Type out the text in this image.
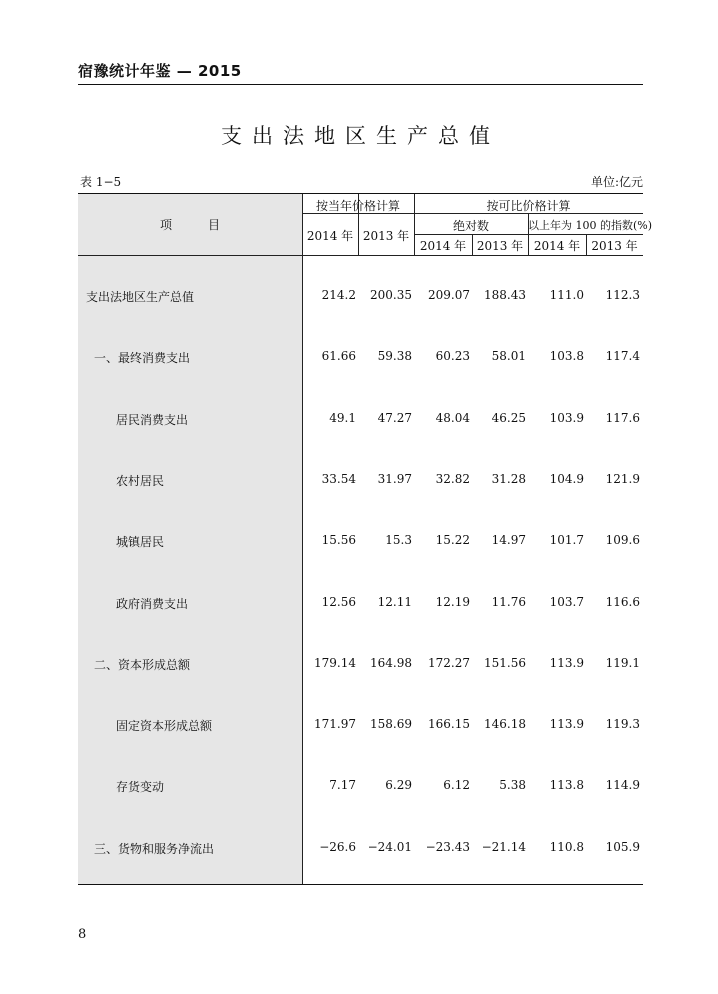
宿豫统计年鉴 — 2015
支出法地区生产总值
表 1−5	单位:亿元
项　　　目
按当年价格计算	按可比价格计算
绝对数	以上年为 100 的指数(%)
2014 年 2013 年
2014 年 2013 年 2014 年 2013 年
支出法地区生产总值	214.2	200.35	209.07	188.43	111.0	112.3
一、最终消费支出	61.66	59.38	60.23	58.01	103.8	117.4
居民消费支出	49.1	47.27	48.04	46.25	103.9	117.6
农村居民	33.54	31.97	32.82	31.28	104.9	121.9
城镇居民	15.56	15.3	15.22	14.97	101.7	109.6
政府消费支出	12.56	12.11	12.19	11.76	103.7	116.6
二、资本形成总额	179.14	164.98	172.27	151.56	113.9	119.1
固定资本形成总额	171.97	158.69	166.15	146.18	113.9	119.3
存货变动	7.17	6.29	6.12	5.38	113.8	114.9
三、货物和服务净流出	−26.6 −24.01	−23.43 −21.14	110.8	105.9
8
